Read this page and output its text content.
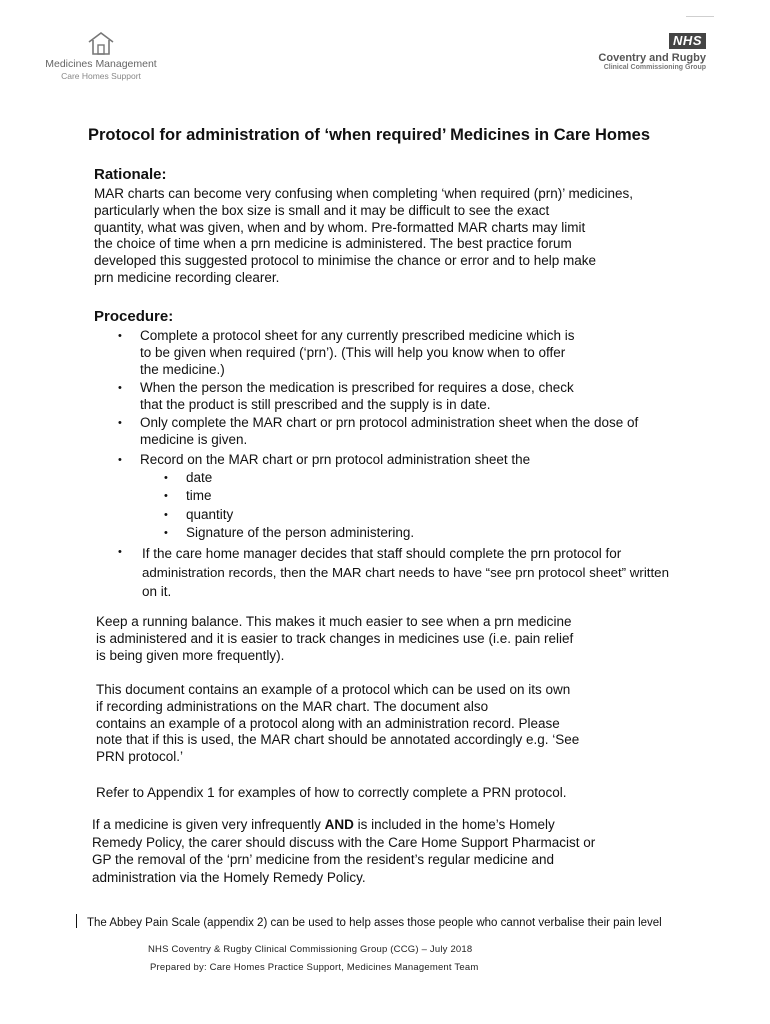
Medicines Management
Care Homes Support
NHS
Coventry and Rugby
Clinical Commissioning Group
Protocol for administration of ‘when required’ Medicines in Care Homes
Rationale:
MAR charts can become very confusing when completing ‘when required (prn)’ medicines,
particularly when the box size is small and it may be difficult to see the exact
quantity, what was given, when and by whom. Pre-formatted MAR charts may limit
the choice of time when a prn medicine is administered. The best practice forum
developed this suggested protocol to minimise the chance or error and to help make
prn medicine recording clearer.
Procedure:
• Complete a protocol sheet for any currently prescribed medicine which is
to be given when required (‘prn’). (This will help you know when to offer
the medicine.)
• When the person the medication is prescribed for requires a dose, check
that the product is still prescribed and the supply is in date.
• Only complete the MAR chart or prn protocol administration sheet when the dose of
medicine is given.
• Record on the MAR chart or prn protocol administration sheet the
• date
• time
• quantity
• Signature of the person administering.
• If the care home manager decides that staff should complete the prn protocol for
administration records, then the MAR chart needs to have “see prn protocol sheet” written
on it.
Keep a running balance. This makes it much easier to see when a prn medicine
is administered and it is easier to track changes in medicines use (i.e. pain relief
is being given more frequently).
This document contains an example of a protocol which can be used on its own
if recording administrations on the MAR chart. The document also
contains an example of a protocol along with an administration record. Please
note that if this is used, the MAR chart should be annotated accordingly e.g. ‘See
PRN protocol.’
Refer to Appendix 1 for examples of how to correctly complete a PRN protocol.
If a medicine is given very infrequently AND is included in the home’s Homely
Remedy Policy, the carer should discuss with the Care Home Support Pharmacist or
GP the removal of the ‘prn’ medicine from the resident’s regular medicine and
administration via the Homely Remedy Policy.
The Abbey Pain Scale (appendix 2) can be used to help asses those people who cannot verbalise their pain level
NHS Coventry & Rugby Clinical Commissioning Group (CCG) – July 2018
Prepared by: Care Homes Practice Support, Medicines Management Team
